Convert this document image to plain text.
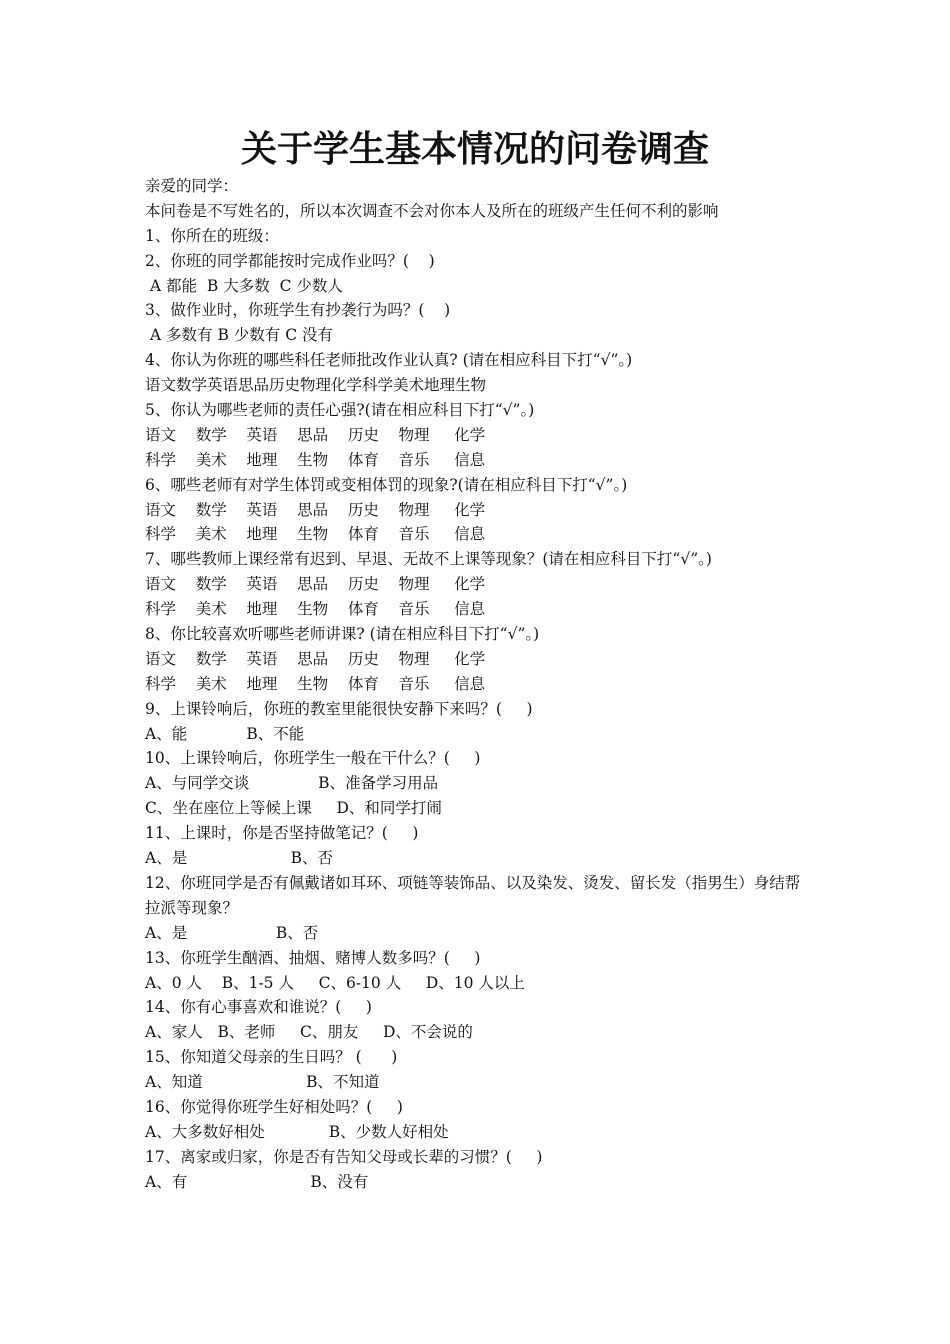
关于学生基本情况的问卷调查
亲爱的同学：
本问卷是不写姓名的，所以本次调查不会对你本人及所在的班级产生任何不利的影响
1、你所在的班级：
2、你班的同学都能按时完成作业吗？(    )
A 都能  B 大多数  C 少数人
3、做作业时，你班学生有抄袭行为吗？(    )
A 多数有 B 少数有 C 没有
4、你认为你班的哪些科任老师批改作业认真? (请在相应科目下打“√”。)
语文数学英语思品历史物理化学科学美术地理生物
5、你认为哪些老师的责任心强?(请在相应科目下打“√”。)
语文    数学    英语    思品    历史    物理     化学
科学    美术    地理    生物    体育    音乐     信息
6、哪些老师有对学生体罚或变相体罚的现象?(请在相应科目下打“√”。)
语文    数学    英语    思品    历史    物理     化学
科学    美术    地理    生物    体育    音乐     信息
7、哪些教师上课经常有迟到、早退、无故不上课等现象？(请在相应科目下打“√”。)
语文    数学    英语    思品    历史    物理     化学
科学    美术    地理    生物    体育    音乐     信息
8、你比较喜欢听哪些老师讲课? (请在相应科目下打“√”。)
语文    数学    英语    思品    历史    物理     化学
科学    美术    地理    生物    体育    音乐     信息
9、上课铃响后，你班的教室里能很快安静下来吗？(     )
A、能            B、不能
10、上课铃响后，你班学生一般在干什么？(     )
A、与同学交谈              B、准备学习用品
C、坐在座位上等候上课     D、和同学打闹
11、上课时，你是否坚持做笔记？(     )
A、是                     B、否
12、你班同学是否有佩戴诸如耳环、项链等装饰品、以及染发、烫发、留长发（指男生）身结帮拉派等现象？
A、是                  B、否
13、你班学生酗酒、抽烟、赌博人数多吗？(     )
A、0 人    B、1-5 人     C、6-10 人     D、10 人以上
14、你有心事喜欢和谁说？(     )
A、家人   B、老师     C、朋友     D、不会说的
15、你知道父母亲的生日吗？ (      )
A、知道                     B、不知道
16、你觉得你班学生好相处吗？(     )
A、大多数好相处             B、少数人好相处
17、离家或归家，你是否有告知父母或长辈的习惯？(     )
A、有                         B、没有
